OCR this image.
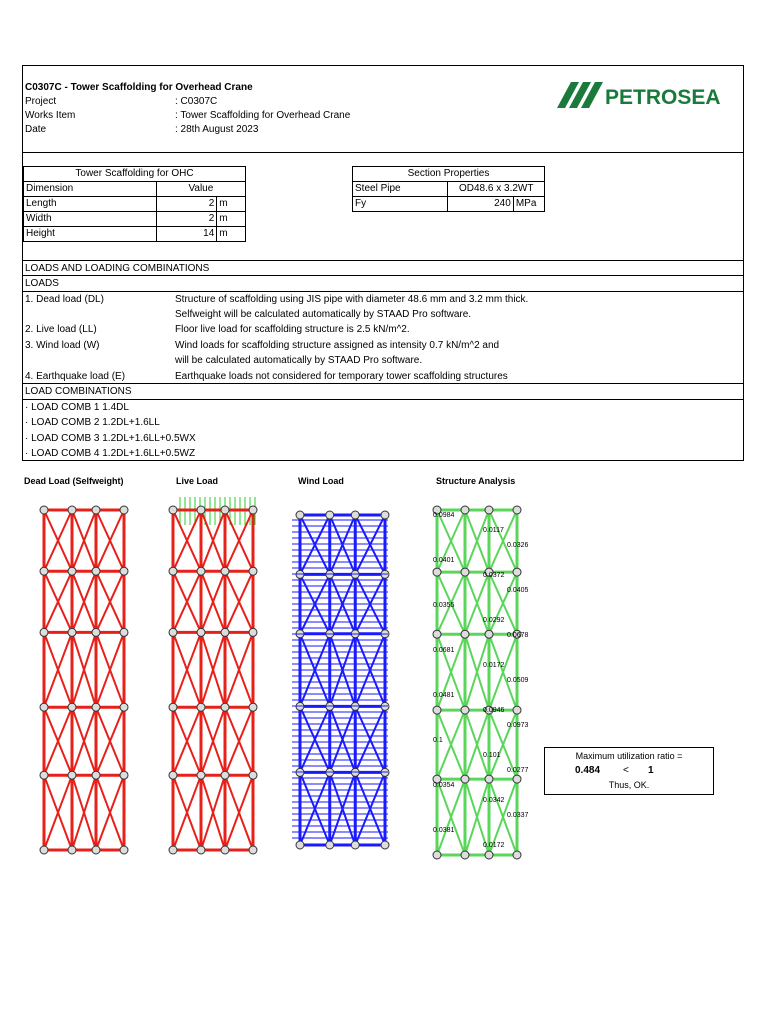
C0307C - Tower Scaffolding for Overhead Crane
Project	: C0307C
Works Item	: Tower Scaffolding for Overhead Crane
Date	: 28th August 2023
PETROSEA
Tower Scaffolding for OHC		
Dimension	Value	
Length	2	m
Width	2	m
Height	14	m
Section Properties		
Steel Pipe	OD48.6 x 3.2WT	
Fy	240	MPa
LOADS AND LOADING COMBINATIONS
LOADS
1. Dead load (DL)	Structure of scaffolding using JIS pipe with diameter 48.6 mm and 3.2 mm thick.
Selfweight will be calculated automatically by STAAD Pro software.
2. Live load (LL)	Floor live load for scaffolding structure is 2.5 kN/m^2.
3. Wind load (W)	Wind loads for scaffolding structure assigned as intensity 0.7 kN/m^2 and
will be calculated automatically by STAAD Pro software.
4. Earthquake load (E)	Earthquake loads not considered for temporary tower scaffolding structures
LOAD COMBINATIONS
· LOAD COMB 1 1.4DL
· LOAD COMB 2 1.2DL+1.6LL
· LOAD COMB 3 1.2DL+1.6LL+0.5WX
· LOAD COMB 4 1.2DL+1.6LL+0.5WZ
Dead Load (Selfweight)	Live Load	Wind Load	Structure Analysis
0.0984
0.0117
0.0326
0.0401
0.0372
0.0405
0.0355
0.0292
0.0678
0.0681
0.0172
0.0509
0.0481
0.0946
0.0973
0.1
0.101
0.0277
0.0354
0.0342
0.0337
0.0381
0.0172
Maximum utilization ratio =
0.484 < 1
Thus, OK.
